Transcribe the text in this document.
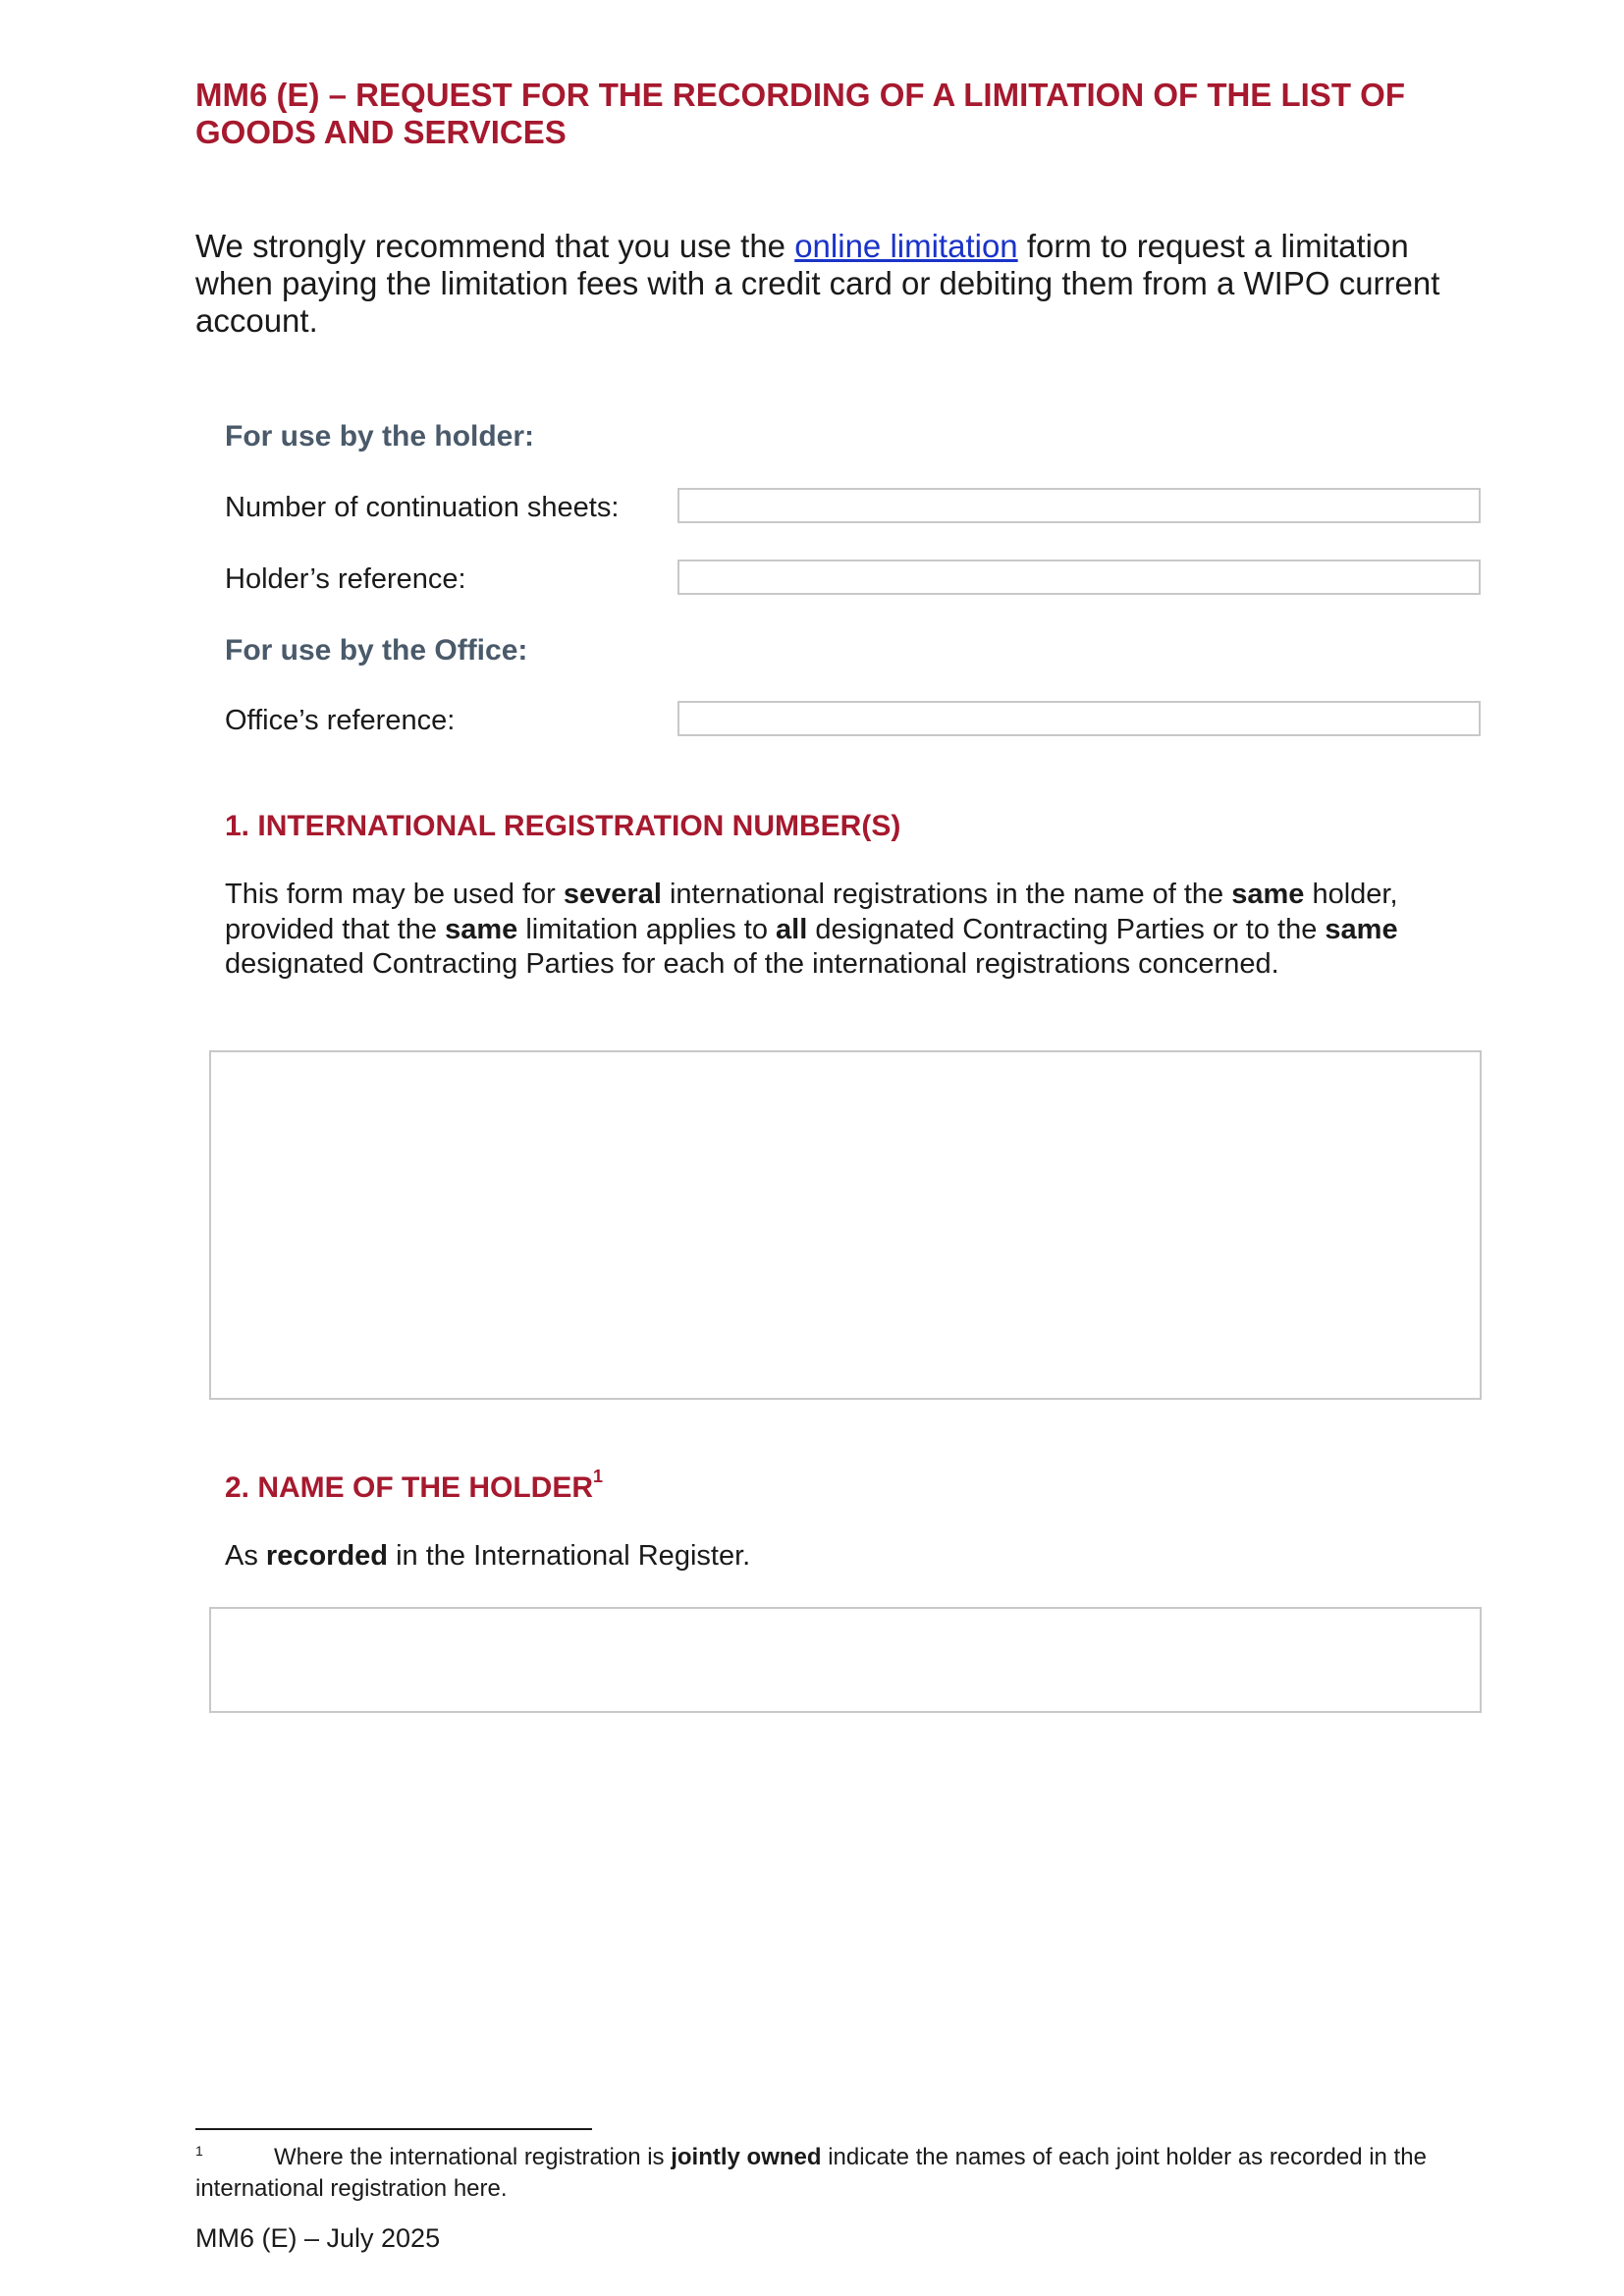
MM6 (E) – REQUEST FOR THE RECORDING OF A LIMITATION OF THE LIST OF GOODS AND SERVICES
We strongly recommend that you use the online limitation form to request a limitation when paying the limitation fees with a credit card or debiting them from a WIPO current account.
For use by the holder:
Number of continuation sheets:
Holder’s reference:
For use by the Office:
Office’s reference:
1. INTERNATIONAL REGISTRATION NUMBER(S)
This form may be used for several international registrations in the name of the same holder, provided that the same limitation applies to all designated Contracting Parties or to the same designated Contracting Parties for each of the international registrations concerned.
2. NAME OF THE HOLDER$^1$
As recorded in the International Register.
1	Where the international registration is jointly owned indicate the names of each joint holder as recorded in the international registration here.
MM6 (E) – July 2025
